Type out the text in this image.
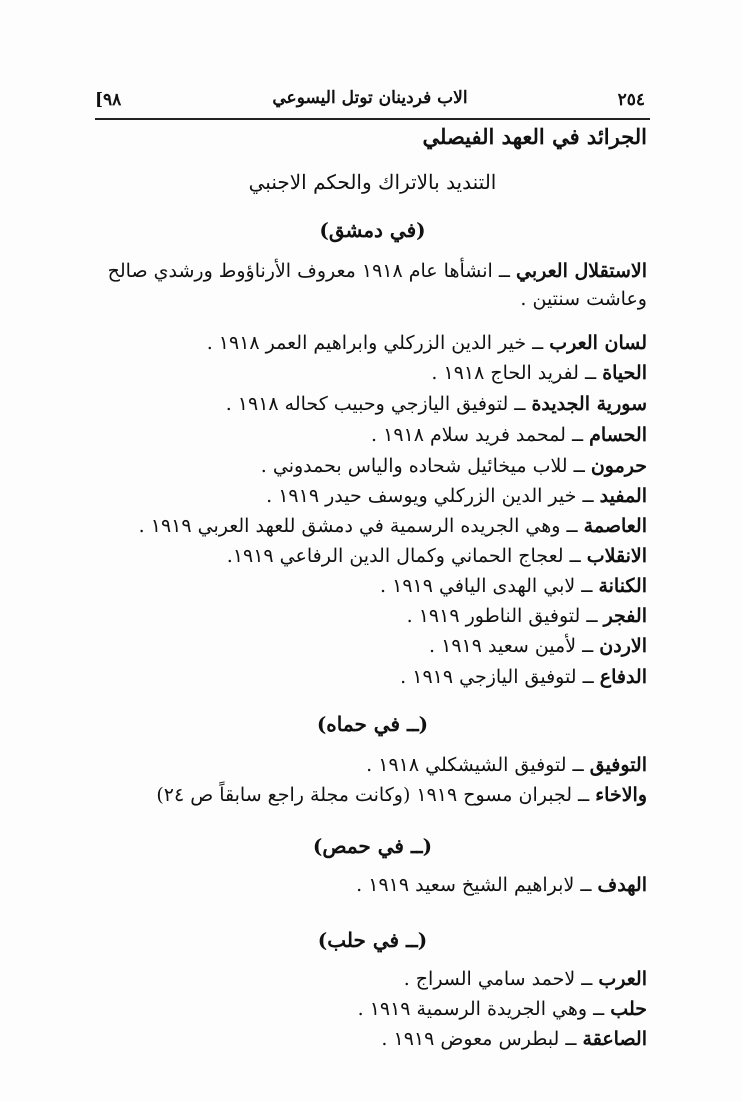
٢٥٤
الاب فردينان توتل اليسوعي
[٩٨
الجرائد في العهد الفيصلي
التنديد بالاتراك والحكم الاجنبي
(في دمشق)
الاستقلال العربي ــ انشأها عام ١٩١٨ معروف الأرناؤوط ورشدي صالح
وعاشت سنتين .
لسان العرب ــ خير الدين الزركلي وابراهيم العمر ١٩١٨ .
الحياة ــ لفريد الحاج ١٩١٨ .
سورية الجديدة ــ لتوفيق اليازجي وحبيب كحاله ١٩١٨ .
الحسام ــ لمحمد فريد سلام ١٩١٨ .
حرمون ــ للاب ميخائيل شحاده والياس بحمدوني .
المفيد ــ خير الدين الزركلي ويوسف حيدر ١٩١٩ .
العاصمة ــ وهي الجريده الرسمية في دمشق للعهد العربي ١٩١٩ .
الانقلاب ــ لعجاج الحماني وكمال الدين الرفاعي ١٩١٩.
الكنانة ــ لابي الهدى اليافي ١٩١٩ .
الفجر ــ لتوفيق الناطور ١٩١٩ .
الاردن ــ لأمين سعيد ١٩١٩ .
الدفاع ــ لتوفيق اليازجي ١٩١٩ .
(ــ في حماه)
التوفيق ــ لتوفيق الشيشكلي ١٩١٨ .
والاخاء ــ لجبران مسوح ١٩١٩ (وكانت مجلة راجع سابقاً ص ٢٤)
(ــ في حمص)
الهدف ــ لابراهيم الشيخ سعيد ١٩١٩ .
(ــ في حلب)
العرب ــ لاحمد سامي السراج .
حلب ــ وهي الجريدة الرسمية ١٩١٩ .
الصاعقة ــ لبطرس معوض ١٩١٩ .
